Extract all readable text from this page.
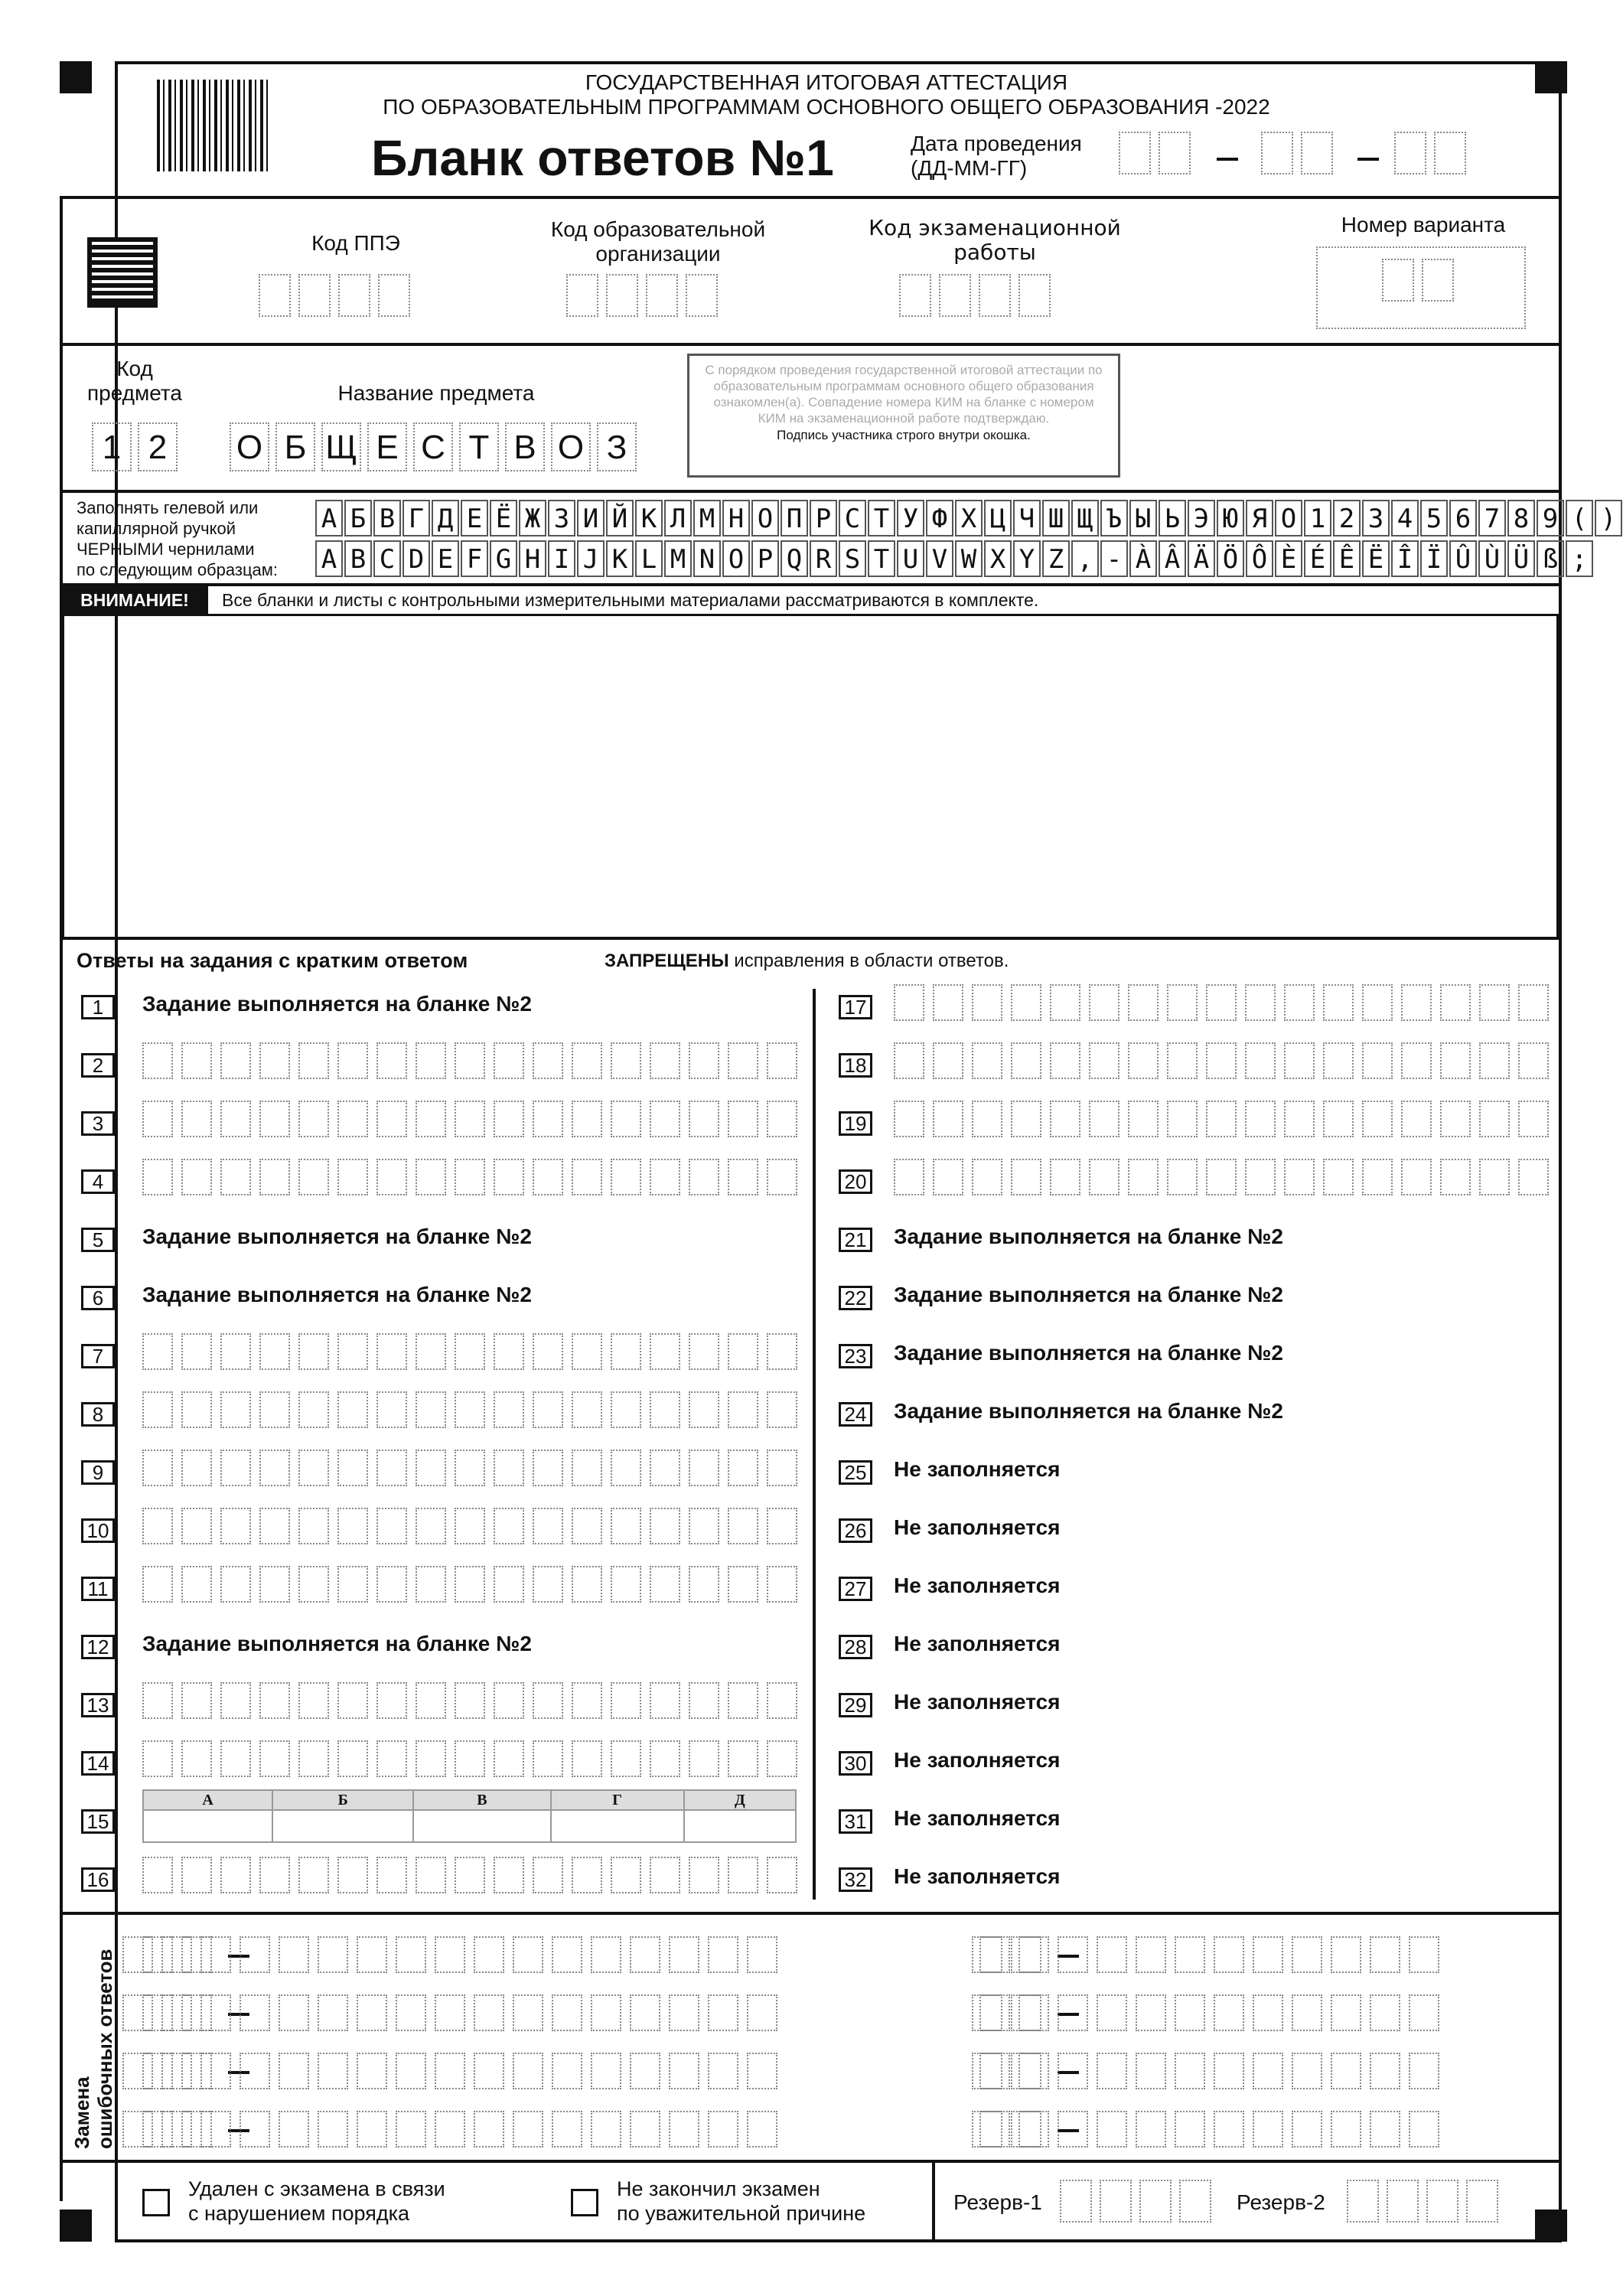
ГОСУДАРСТВЕННАЯ ИТОГОВАЯ АТТЕСТАЦИЯ
ПО ОБРАЗОВАТЕЛЬНЫМ ПРОГРАММАМ ОСНОВНОГО ОБЩЕГО ОБРАЗОВАНИЯ -2022
Бланк ответов №1	Дата проведения
(ДД-ММ-ГГ)
Код ППЭ
Код образовательной
организации
Код экзаменационной
работы
Номер варианта
Код
предмета	Название предмета
1 2	О Б Щ Е С Т В О З
С порядком проведения государственной итоговой аттестации по образовательным программам основного общего образования ознакомлен(а). Совпадение номера КИМ на бланке с номером КИМ на экзаменационной работе подтверждаю.
Подпись участника строго внутри окошка.
Заполнять гелевой или
капиллярной ручкой
ЧЕРНЫМИ чернилами
по следующим образцам:
А Б В Г Д Е Ё Ж З И Й К Л М Н О П Р С Т У Ф Х Ц Ч Ш Щ Ъ Ы Ь Э Ю Я О 1 2 3 4 5 6 7 8 9 ( )
A B C D E F G H I J K L M N O P Q R S T U V W X Y Z , - À Â Ä Ö Ô È É Ê Ë Î Ï Û Ù Ü ß ;
ВНИМАНИЕ!	Все бланки и листы с контрольными измерительными материалами рассматриваются в комплекте.
Ответы на задания с кратким ответом	ЗАПРЕЩЕНЫ исправления в области ответов.
Замена ошибочных ответов
Удален с экзамена в связи
с нарушением порядка
Не закончил экзамен
по уважительной причине	Резерв-1	Резерв-2
1	Задание выполняется на бланке №2
2
3
4
5	Задание выполняется на бланке №2
6	Задание выполняется на бланке №2
7
8
9
10
11
12 Задание выполняется на бланке №2
13
14
15
А	Б	В	Г	Д
16
17
18
19
20
21 Задание выполняется на бланке №2
22 Задание выполняется на бланке №2
23 Задание выполняется на бланке №2
24 Задание выполняется на бланке №2
25 Не заполняется
26 Не заполняется
27 Не заполняется
28 Не заполняется
29 Не заполняется
30 Не заполняется
31 Не заполняется
32 Не заполняется
